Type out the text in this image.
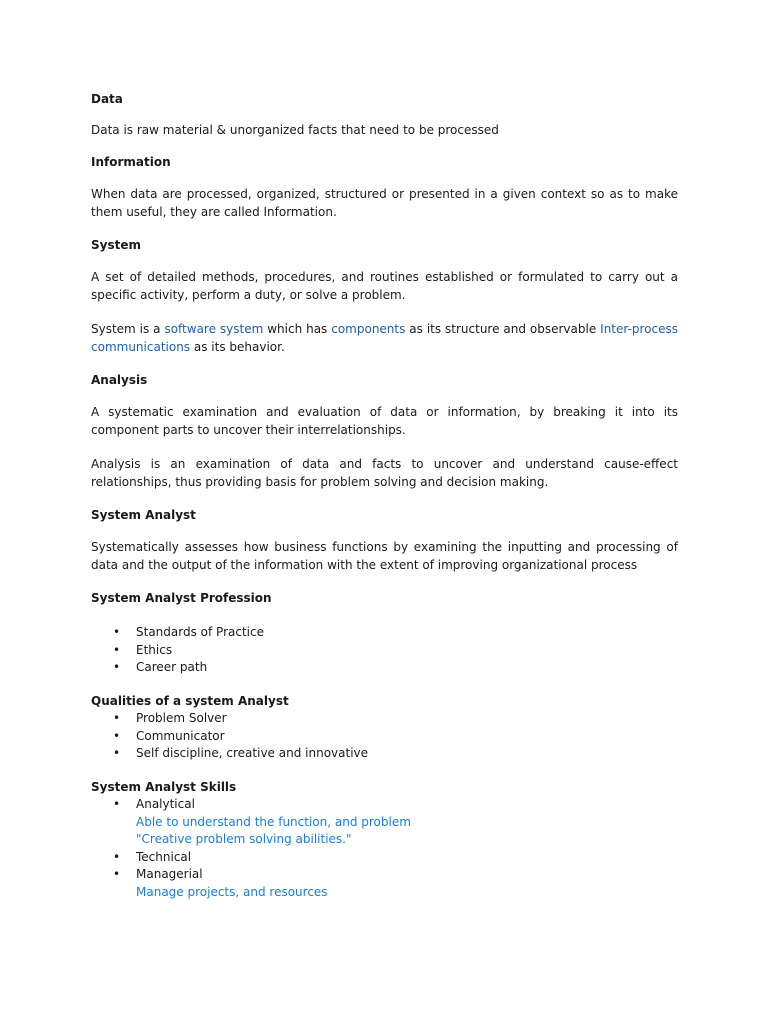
Data

Data is raw material & unorganized facts that need to be processed

Information

When data are processed, organized, structured or presented in a given context so as to make them useful, they are called Information.

System

A set of detailed methods, procedures, and routines established or formulated to carry out a specific activity, perform a duty, or solve a problem.

System is a software system which has components as its structure and observable Inter-process communications as its behavior.

Analysis

A systematic examination and evaluation of data or information, by breaking it into its component parts to uncover their interrelationships.

Analysis is an examination of data and facts to uncover and understand cause-effect relationships, thus providing basis for problem solving and decision making.

System Analyst

Systematically assesses how business functions by examining the inputting and processing of data and the output of the information with the extent of improving organizational process

System Analyst Profession

• Standards of Practice
• Ethics
• Career path

Qualities of a system Analyst

• Problem Solver
• Communicator
• Self discipline, creative and innovative

System Analyst Skills

• Analytical
Able to understand the function, and problem
"Creative problem solving abilities."
• Technical
• Managerial
Manage projects, and resources
